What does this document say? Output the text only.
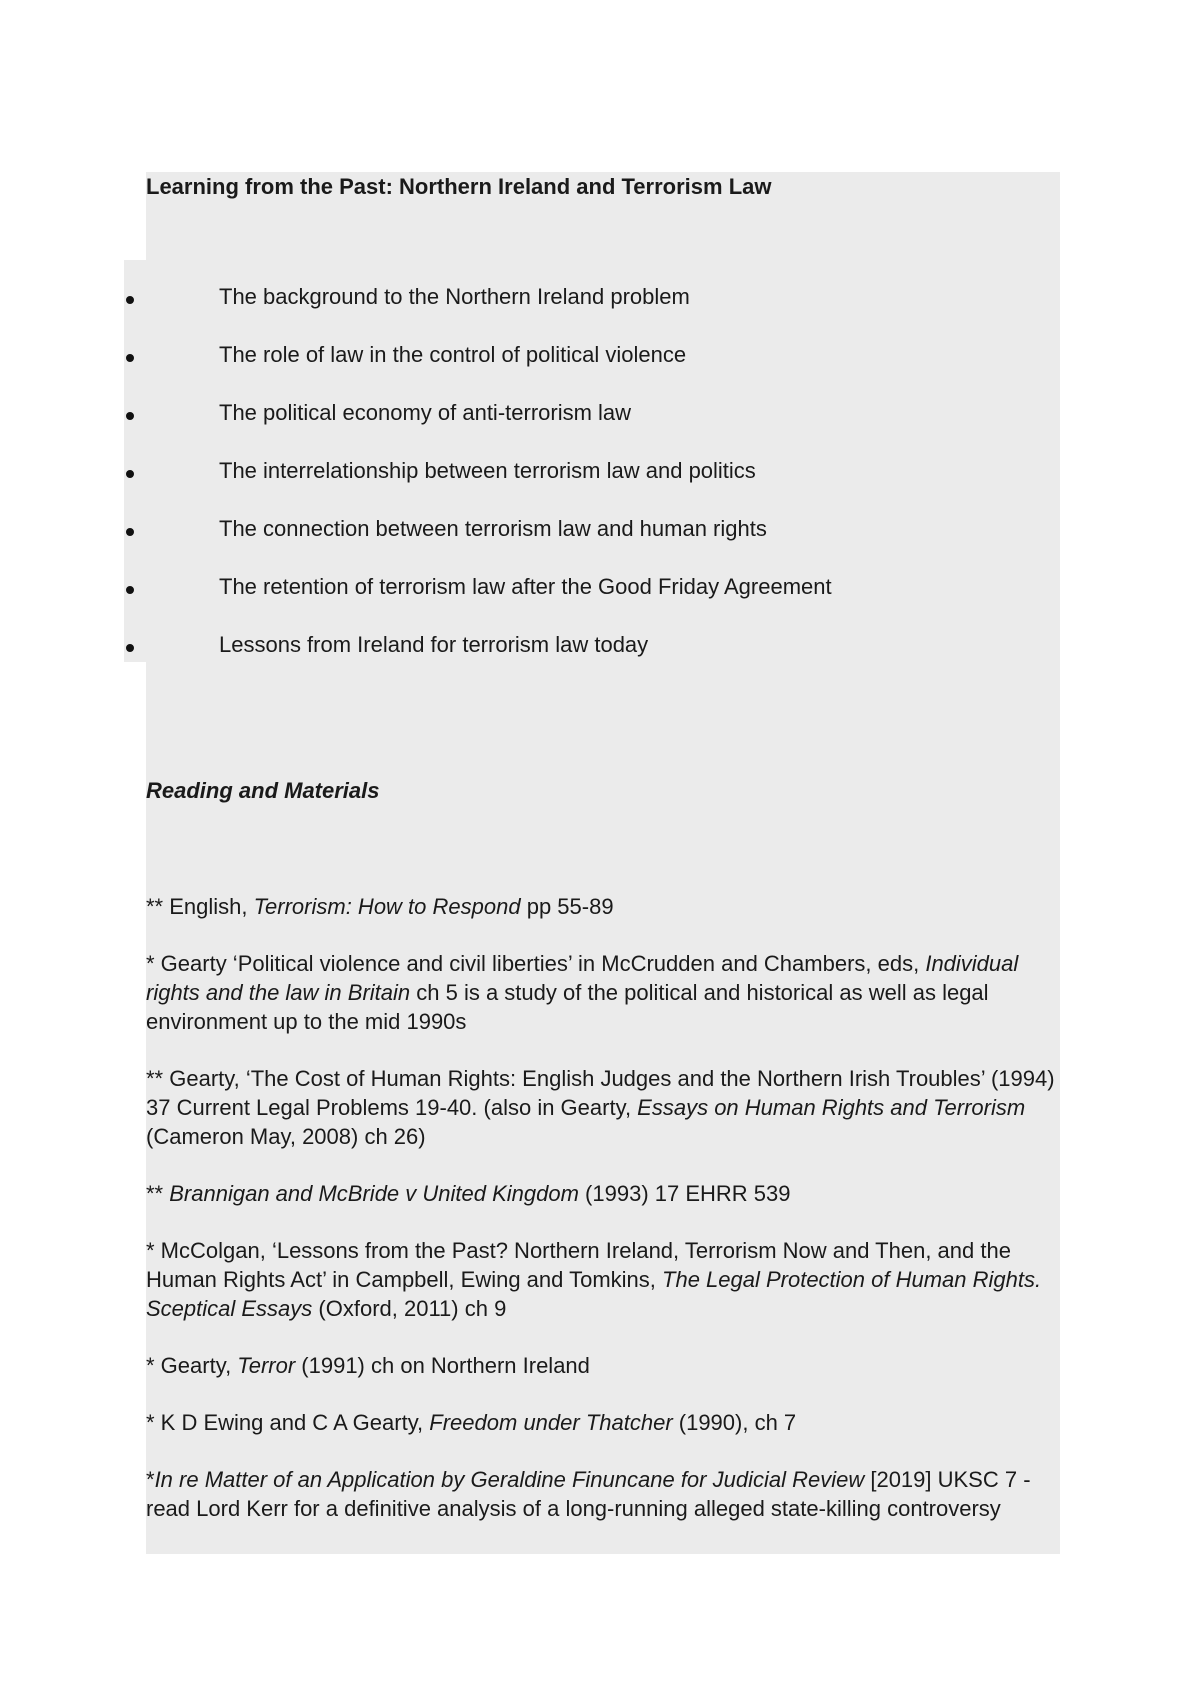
Learning from the Past: Northern Ireland and Terrorism Law
The background to the Northern Ireland problem
The role of law in the control of political violence
The political economy of anti-terrorism law
The interrelationship between terrorism law and politics
The connection between terrorism law and human rights
The retention of terrorism law after the Good Friday Agreement
Lessons from Ireland for terrorism law today
Reading and Materials

** English, Terrorism: How to Respond pp 55-89

* Gearty ‘Political violence and civil liberties’ in McCrudden and Chambers, eds, Individual rights and the law in Britain ch 5 is a study of the political and historical as well as legal environment up to the mid 1990s

** Gearty, ‘The Cost of Human Rights: English Judges and the Northern Irish Troubles’ (1994) 37 Current Legal Problems 19-40. (also in Gearty, Essays on Human Rights and Terrorism (Cameron May, 2008) ch 26)

** Brannigan and McBride v United Kingdom (1993) 17 EHRR 539

* McColgan, ‘Lessons from the Past? Northern Ireland, Terrorism Now and Then, and the Human Rights Act’ in Campbell, Ewing and Tomkins, The Legal Protection of Human Rights. Sceptical Essays (Oxford, 2011) ch 9

* Gearty, Terror (1991) ch on Northern Ireland

* K D Ewing and C A Gearty, Freedom under Thatcher (1990), ch 7

*In re Matter of an Application by Geraldine Finuncane for Judicial Review [2019] UKSC 7 - read Lord Kerr for a definitive analysis of a long-running alleged state-killing controversy
